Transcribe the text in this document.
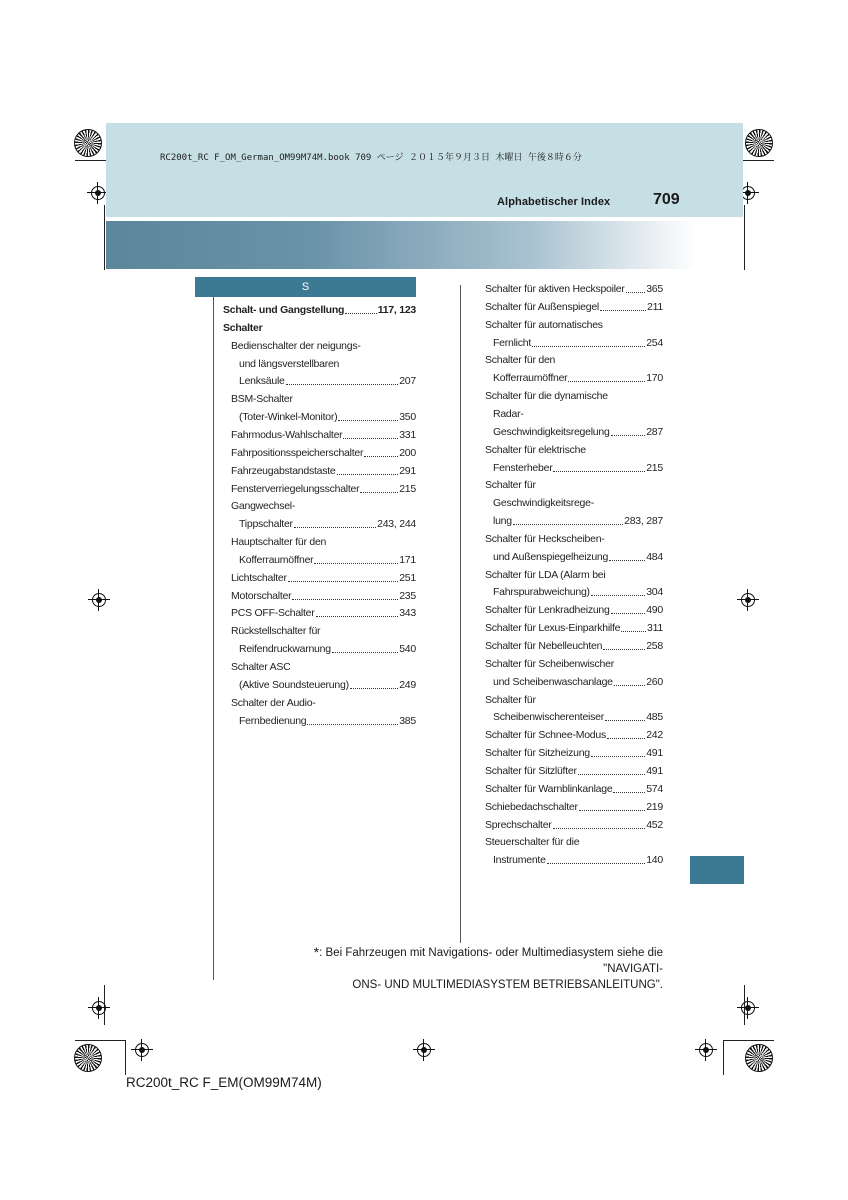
RC200t_RC F_OM_German_OM99M74M.book 709 ページ ２０１５年９月３日 木曜日 午後８時６分
Alphabetischer Index	709
S
Schalt- und Gangstellung	117, 123
Schalter
Bedienschalter der neigungs-
und längsverstellbaren
Lenksäule	207
BSM-Schalter
(Toter-Winkel-Monitor)	350
Fahrmodus-Wahlschalter	331
Fahrpositionsspeicherschalter	200
Fahrzeugabstandstaste	291
Fensterverriegelungsschalter	215
Gangwechsel-
Tippschalter	243, 244
Hauptschalter für den
Kofferraumöffner	171
Lichtschalter	251
Motorschalter	235
PCS OFF-Schalter	343
Rückstellschalter für
Reifendruckwarnung	540
Schalter ASC
(Aktive Soundsteuerung)	249
Schalter der Audio-
Fernbedienung	385
Schalter für aktiven Heckspoiler 365
Schalter für Außenspiegel	211
Schalter für automatisches
Fernlicht	254
Schalter für den
Kofferraumöffner	170
Schalter für die dynamische
Radar-
Geschwindigkeitsregelung	287
Schalter für elektrische
Fensterheber	215
Schalter für
Geschwindigkeitsrege-
lung	283, 287
Schalter für Heckscheiben-
und Außenspiegelheizung	484
Schalter für LDA (Alarm bei
Fahrspurabweichung)	304
Schalter für Lenkradheizung	490
Schalter für Lexus-Einparkhilfe	311
Schalter für Nebelleuchten	258
Schalter für Scheibenwischer
und Scheibenwaschanlage	260
Schalter für
Scheibenwischerenteiser	485
Schalter für Schnee-Modus	242
Schalter für Sitzheizung	491
Schalter für Sitzlüfter	491
Schalter für Warnblinkanlage	574
Schiebedachschalter	219
Sprechschalter	452
Steuerschalter für die
Instrumente	140
*: Bei Fahrzeugen mit Navigations- oder Multimediasystem siehe die "NAVIGATI-
ONS- UND MULTIMEDIASYSTEM BETRIEBSANLEITUNG".
RC200t_RC F_EM(OM99M74M)
